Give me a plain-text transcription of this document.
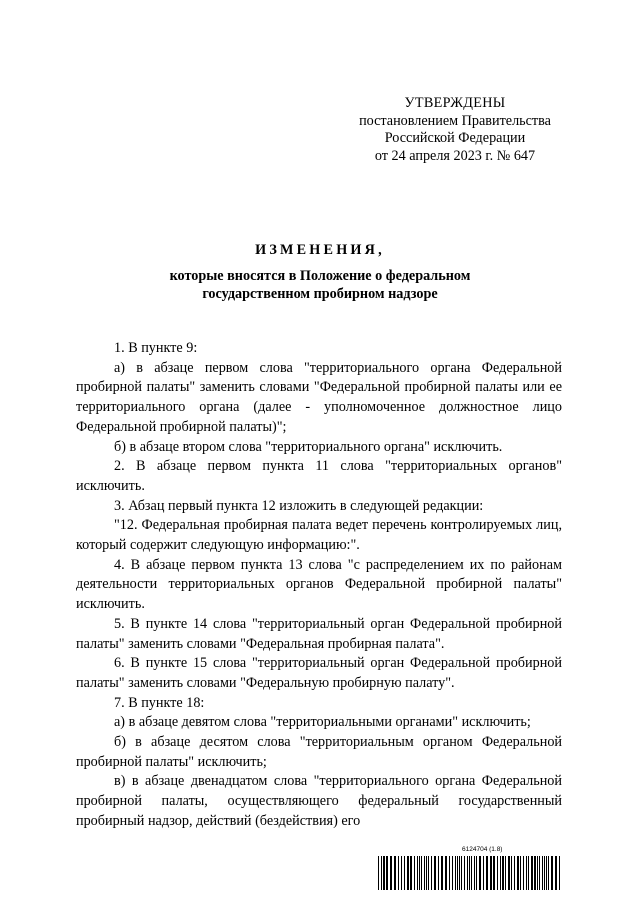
УТВЕРЖДЕНЫ
постановлением Правительства
Российской Федерации
от 24 апреля 2023 г. № 647
ИЗМЕНЕНИЯ,
которые вносятся в Положение о федеральном
государственном пробирном надзоре

1. В пункте 9:

а) в абзаце первом слова "территориального органа Федеральной пробирной палаты" заменить словами "Федеральной пробирной палаты или ее территориального органа (далее - уполномоченное должностное лицо Федеральной пробирной палаты)";

б) в абзаце втором слова "территориального органа" исключить.

2. В абзаце первом пункта 11 слова "территориальных органов" исключить.

3. Абзац первый пункта 12 изложить в следующей редакции:

"12. Федеральная пробирная палата ведет перечень контролируемых лиц, который содержит следующую информацию:".

4. В абзаце первом пункта 13 слова "с распределением их по районам деятельности территориальных органов Федеральной пробирной палаты" исключить.

5. В пункте 14 слова "территориальный орган Федеральной пробирной палаты" заменить словами "Федеральная пробирная палата".

6. В пункте 15 слова "территориальный орган Федеральной пробирной палаты" заменить словами "Федеральную пробирную палату".

7. В пункте 18:

а) в абзаце девятом слова "территориальными органами" исключить;

б) в абзаце десятом слова "территориальным органом Федеральной пробирной палаты" исключить;

в) в абзаце двенадцатом слова "территориального органа Федеральной пробирной палаты, осуществляющего федеральный государственный пробирный надзор, действий (бездействия) его

6124704 (1.8)
